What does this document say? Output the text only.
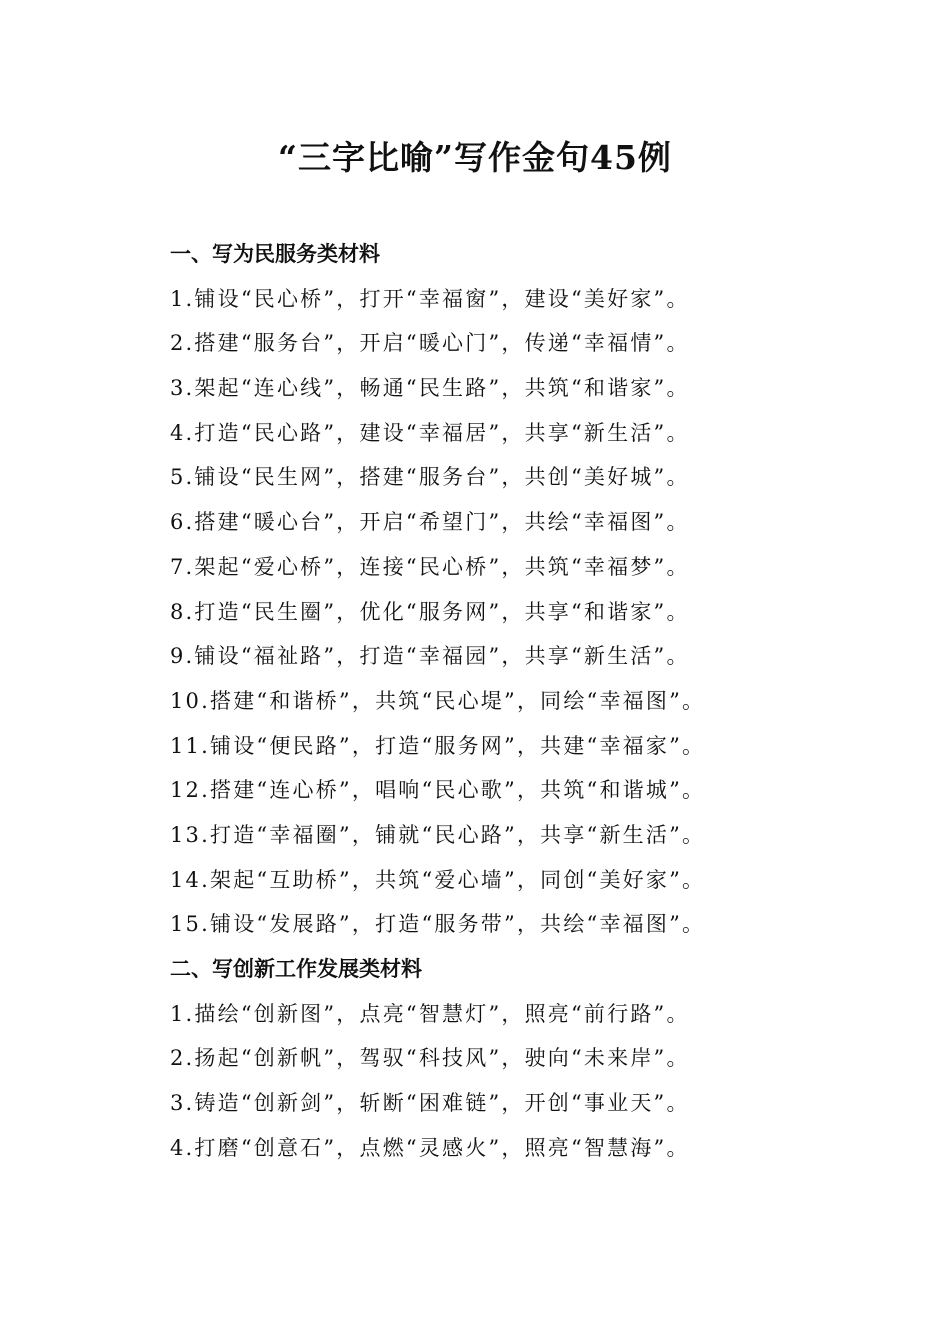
“三字比喻”写作金句45例
一、写为民服务类材料
1.铺设“民心桥”，打开“幸福窗”，建设“美好家”。
2.搭建“服务台”，开启“暖心门”，传递“幸福情”。
3.架起“连心线”，畅通“民生路”，共筑“和谐家”。
4.打造“民心路”，建设“幸福居”，共享“新生活”。
5.铺设“民生网”，搭建“服务台”，共创“美好城”。
6.搭建“暖心台”，开启“希望门”，共绘“幸福图”。
7.架起“爱心桥”，连接“民心桥”，共筑“幸福梦”。
8.打造“民生圈”，优化“服务网”，共享“和谐家”。
9.铺设“福祉路”，打造“幸福园”，共享“新生活”。
10.搭建“和谐桥”，共筑“民心堤”，同绘“幸福图”。
11.铺设“便民路”，打造“服务网”，共建“幸福家”。
12.搭建“连心桥”，唱响“民心歌”，共筑“和谐城”。
13.打造“幸福圈”，铺就“民心路”，共享“新生活”。
14.架起“互助桥”，共筑“爱心墙”，同创“美好家”。
15.铺设“发展路”，打造“服务带”，共绘“幸福图”。
二、写创新工作发展类材料
1.描绘“创新图”，点亮“智慧灯”，照亮“前行路”。
2.扬起“创新帆”，驾驭“科技风”，驶向“未来岸”。
3.铸造“创新剑”，斩断“困难链”，开创“事业天”。
4.打磨“创意石”，点燃“灵感火”，照亮“智慧海”。
